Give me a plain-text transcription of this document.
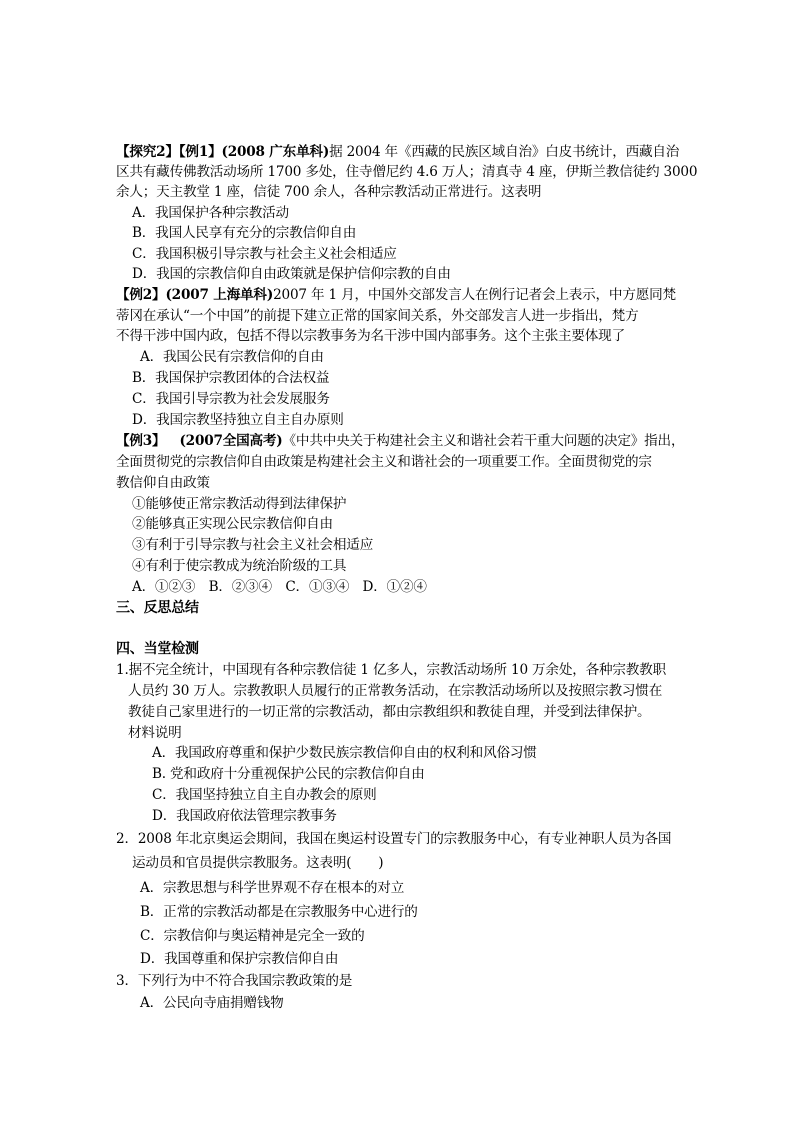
【探究2】【例1】(2008 广东单科)据 2004 年《西藏的民族区域自治》白皮书统计，西藏自治
区共有藏传佛教活动场所 1700 多处，住寺僧尼约 4.6 万人；清真寺 4 座，伊斯兰教信徒约 3000
余人；天主教堂 1 座，信徒 700 余人，各种宗教活动正常进行。这表明
A．我国保护各种宗教活动
B．我国人民享有充分的宗教信仰自由
C．我国积极引导宗教与社会主义社会相适应
D．我国的宗教信仰自由政策就是保护信仰宗教的自由
【例2】(2007 上海单科)2007 年 1 月，中国外交部发言人在例行记者会上表示，中方愿同梵
蒂冈在承认“一个中国”的前提下建立正常的国家间关系，外交部发言人进一步指出，梵方
不得干涉中国内政，包括不得以宗教事务为名干涉中国内部事务。这个主张主要体现了
A．我国公民有宗教信仰的自由
B．我国保护宗教团体的合法权益
C．我国引导宗教为社会发展服务
D．我国宗教坚持独立自主自办原则
【例3】 (2007全国高考)《中共中央关于构建社会主义和谐社会若干重大问题的决定》指出，
全面贯彻党的宗教信仰自由政策是构建社会主义和谐社会的一项重要工作。全面贯彻党的宗
教信仰自由政策
①能够使正常宗教活动得到法律保护
②能够真正实现公民宗教信仰自由
③有利于引导宗教与社会主义社会相适应
④有利于使宗教成为统治阶级的工具
A．①②③　B．②③④　C．①③④　D．①②④
三、反思总结
四、当堂检测
1.据不完全统计，中国现有各种宗教信徒 1 亿多人，宗教活动场所 10 万余处，各种宗教教职
人员约 30 万人。宗教教职人员履行的正常教务活动，在宗教活动场所以及按照宗教习惯在
教徒自己家里进行的一切正常的宗教活动，都由宗教组织和教徒自理，并受到法律保护。
材料说明
A．我国政府尊重和保护少数民族宗教信仰自由的权利和风俗习惯
B. 党和政府十分重视保护公民的宗教信仰自由
C．我国坚持独立自主自办教会的原则
D．我国政府依法管理宗教事务
2．2008 年北京奥运会期间，我国在奥运村设置专门的宗教服务中心，有专业神职人员为各国
运动员和官员提供宗教服务。这表明(　　)
A．宗教思想与科学世界观不存在根本的对立
B．正常的宗教活动都是在宗教服务中心进行的
C．宗教信仰与奥运精神是完全一致的
D．我国尊重和保护宗教信仰自由
3．下列行为中不符合我国宗教政策的是
A．公民向寺庙捐赠钱物
